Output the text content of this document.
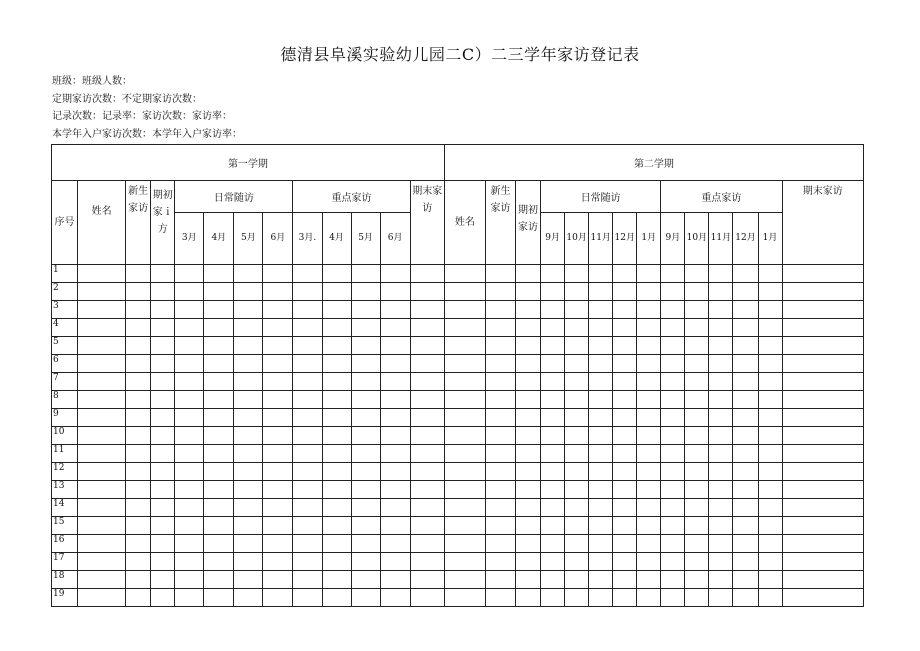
德清县阜溪实验幼儿园二C）二三学年家访登记表
班级：班级人数：
定期家访次数：不定期家访次数：
记录次数：记录率：家访次数：家访率：
本学年入户家访次数：本学年入户家访率：
第一学期													第二学期													
序号	姓名	新生家访	期初家ｉ方	日常随访				重点家访				期末家访	姓名	新生家访	期初家访	日常随访					重点家访					期末家访
				3月	4月	5月	6月	3月.	4月	5月	6月					9月	10月	11月	12月	1月	9月	10月	11月	12月	1月	
1																										
2																										
3																										
4																										
5																										
6																										
7																										
8																										
9																										
10																										
11																										
12																										
13																										
14																										
15																										
16																										
17																										
18																										
19																										
